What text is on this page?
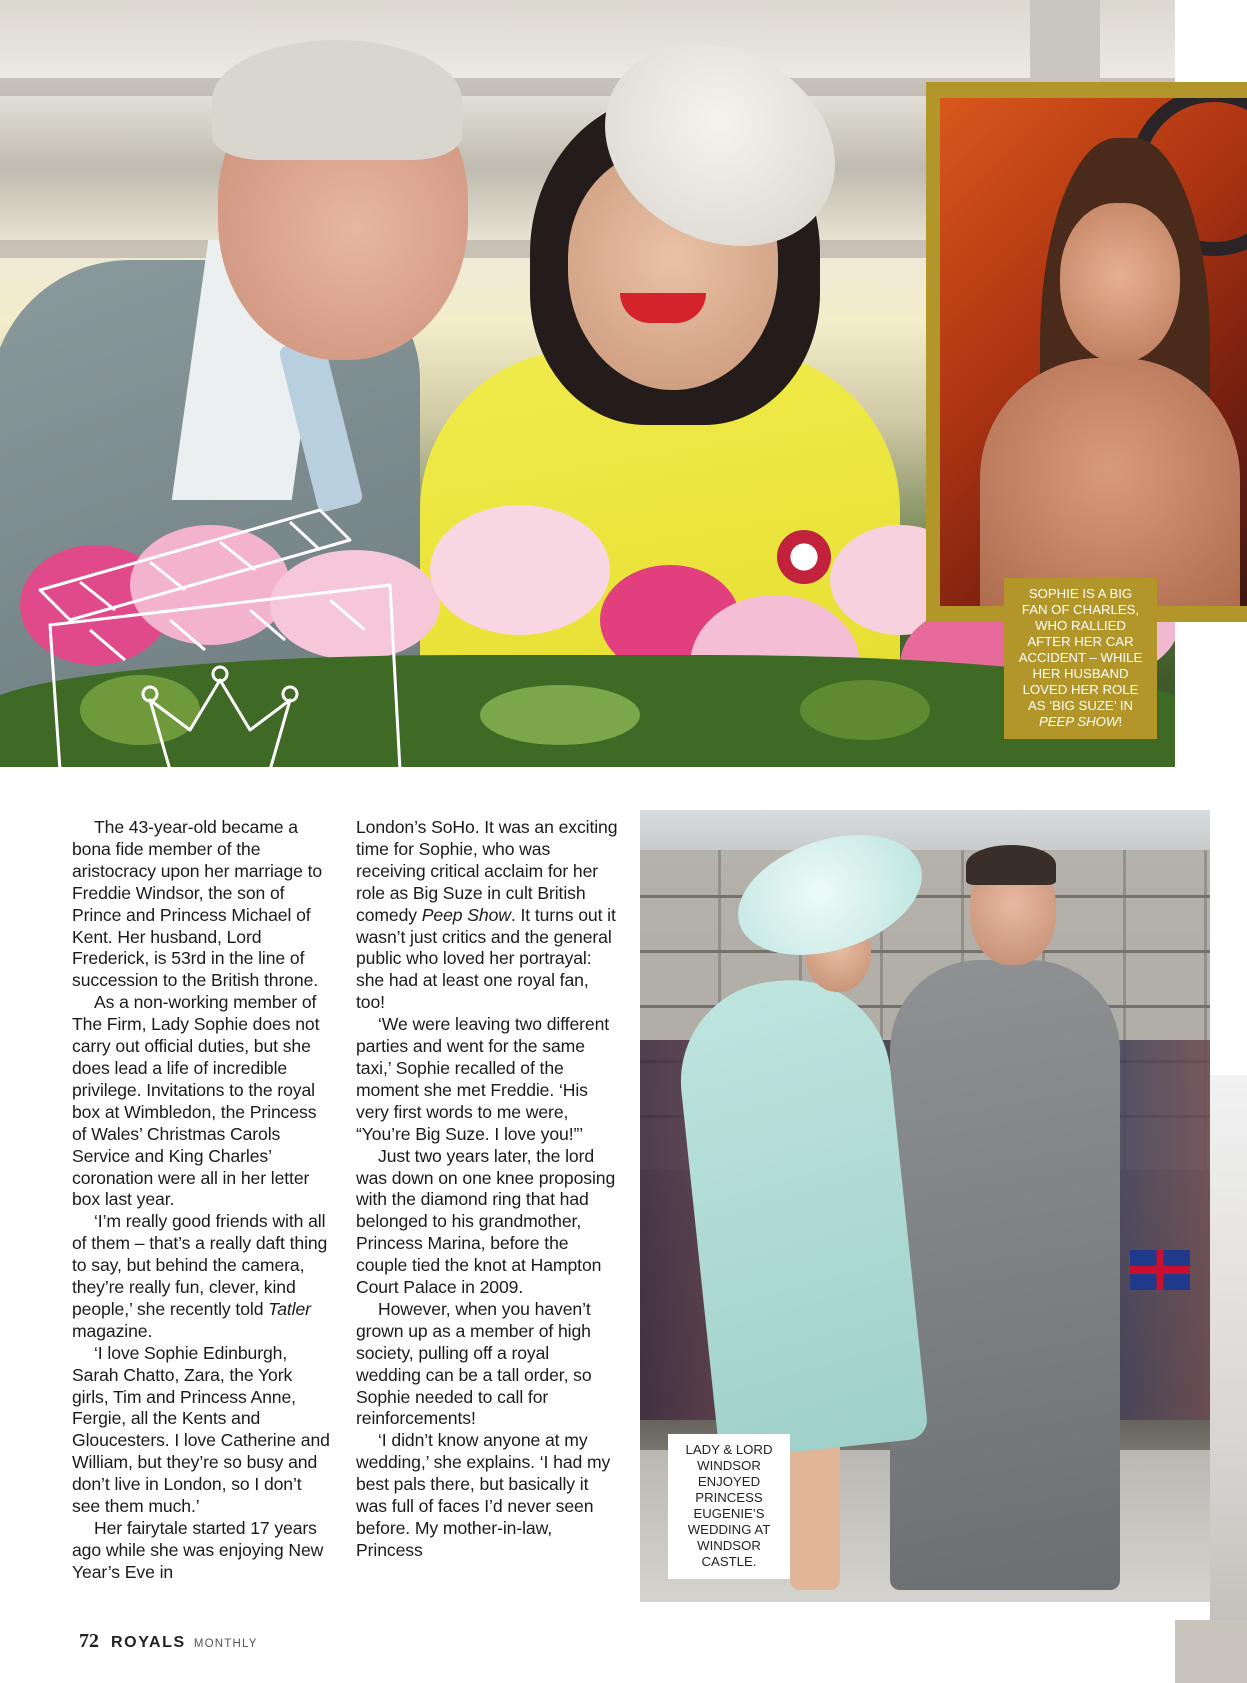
SOPHIE IS A BIG
FAN OF CHARLES,
WHO RALLIED
AFTER HER CAR
ACCIDENT – WHILE
HER HUSBAND
LOVED HER ROLE
AS ‘BIG SUZE’ IN
PEEP SHOW!

The 43-year-old became a bona fide member of the aristocracy upon her marriage to Freddie Windsor, the son of Prince and Princess Michael of Kent. Her husband, Lord Frederick, is 53rd in the line of succession to the British throne.

As a non-working member of The Firm, Lady Sophie does not carry out official duties, but she does lead a life of incredible privilege. Invitations to the royal box at Wimbledon, the Princess of Wales’ Christmas Carols Service and King Charles’ coronation were all in her letter box last year.

‘I’m really good friends with all of them – that’s a really daft thing to say, but behind the camera, they’re really fun, clever, kind people,’ she recently told Tatler magazine.

‘I love Sophie Edinburgh, Sarah Chatto, Zara, the York girls, Tim and Princess Anne, Fergie, all the Kents and Gloucesters. I love Catherine and William, but they’re so busy and don’t live in London, so I don’t see them much.’

Her fairytale started 17 years ago while she was enjoying New Year’s Eve in

London’s SoHo. It was an exciting time for Sophie, who was receiving critical acclaim for her role as Big Suze in cult British comedy Peep Show. It turns out it wasn’t just critics and the general public who loved her portrayal: she had at least one royal fan, too!

‘We were leaving two different parties and went for the same taxi,’ Sophie recalled of the moment she met Freddie. ‘His very first words to me were, “You’re Big Suze. I love you!”’

Just two years later, the lord was down on one knee proposing with the diamond ring that had belonged to his grandmother, Princess Marina, before the couple tied the knot at Hampton Court Palace in 2009.

However, when you haven’t grown up as a member of high society, pulling off a royal wedding can be a tall order, so Sophie needed to call for reinforcements!

‘I didn’t know anyone at my wedding,’ she explains. ‘I had my best pals there, but basically it was full of faces I’d never seen before. My mother-in-law, Princess

LADY & LORD
WINDSOR
ENJOYED
PRINCESS
EUGENIE’S
WEDDING AT
WINDSOR
CASTLE.
72 ROYALS MONTHLY
